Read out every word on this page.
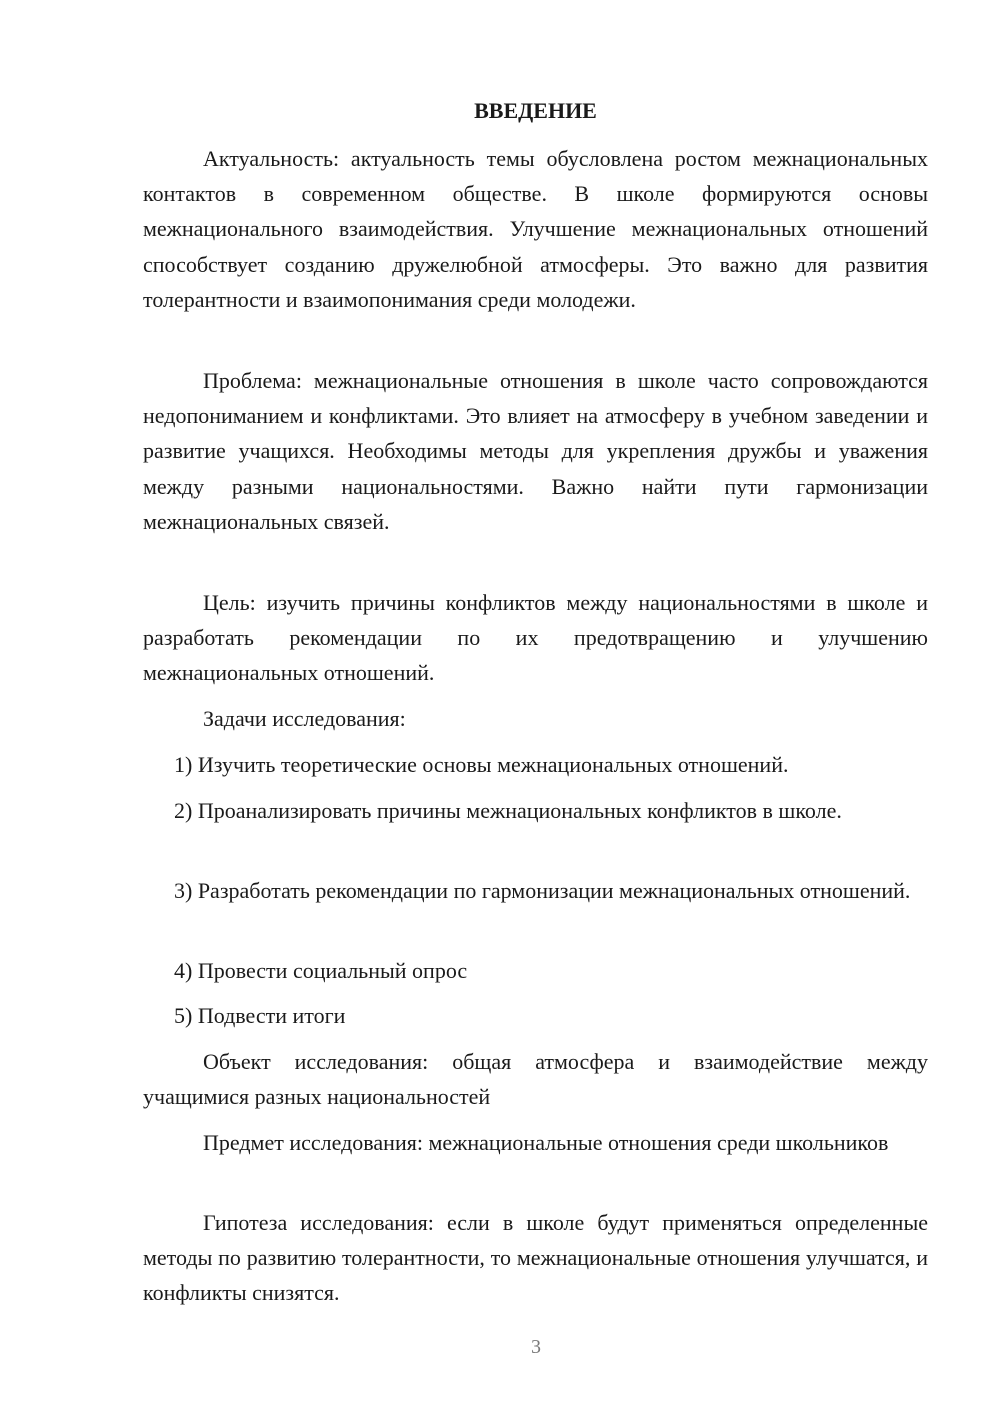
ВВЕДЕНИЕ

Актуальность: актуальность темы обусловлена ростом межнациональных контактов в современном обществе. В школе формируются основы межнационального взаимодействия. Улучшение межнациональных отношений способствует созданию дружелюбной атмосферы. Это важно для развития толерантности и взаимопонимания среди молодежи.

Проблема: межнациональные отношения в школе часто сопровождаются недопониманием и конфликтами. Это влияет на атмосферу в учебном заведении и развитие учащихся. Необходимы методы для укрепления дружбы и уважения между разными национальностями. Важно найти пути гармонизации межнациональных связей.

Цель: изучить причины конфликтов между национальностями в школе и разработать рекомендации по их предотвращению и улучшению межнациональных отношений.

Задачи исследования:

1) Изучить теоретические основы межнациональных отношений.

2) Проанализировать причины межнациональных конфликтов в школе.

3) Разработать рекомендации по гармонизации межнациональных отношений.

4) Провести социальный опрос

5) Подвести итоги

Объект исследования: общая атмосфера и взаимодействие между учащимися разных национальностей

Предмет исследования: межнациональные отношения среди школьников

Гипотеза исследования: если в школе будут применяться определенные методы по развитию толерантности, то межнациональные отношения улучшатся, и конфликты снизятся.

3
